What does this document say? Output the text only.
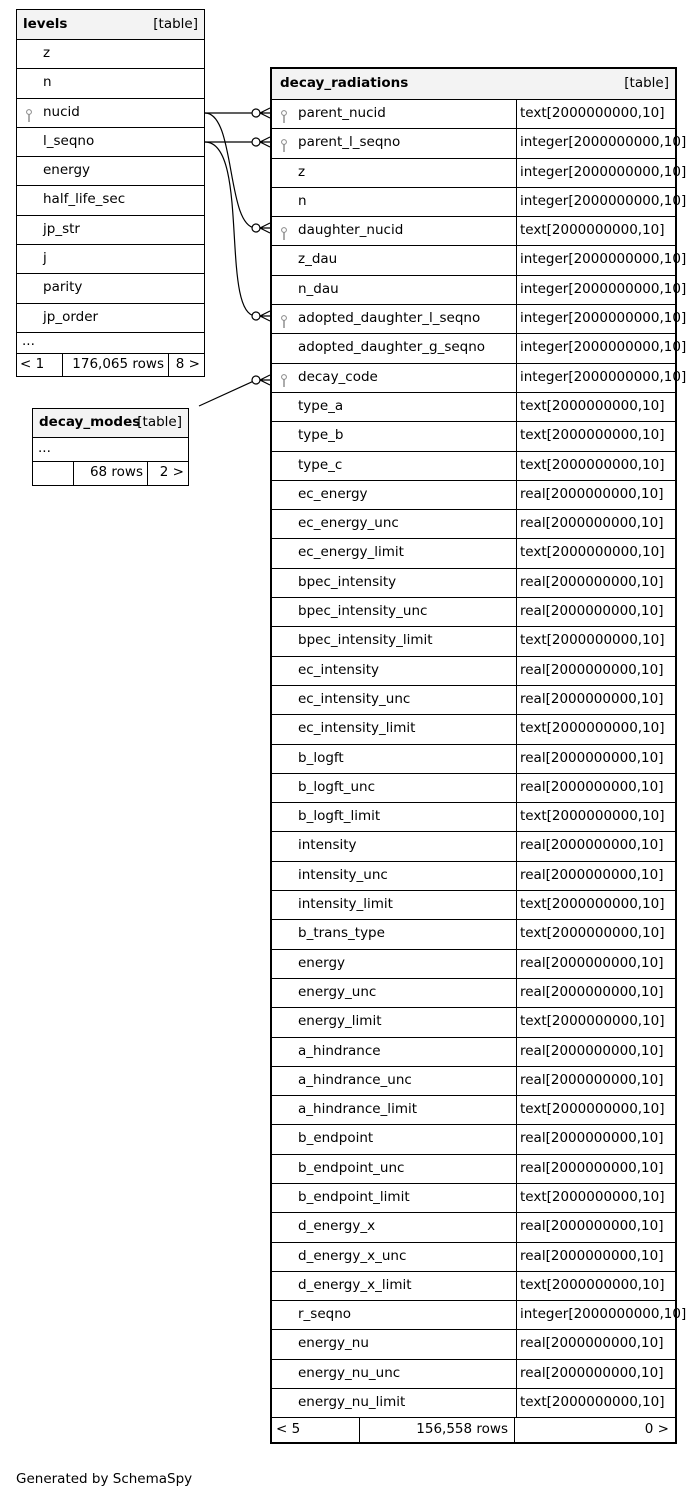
levels	[table]
z
n
nucid
l_seqno
energy
half_life_sec
jp_str
j
parity
jp_order
...
< 1 176,065 rows 8 >
decay_modes
[table]
...
68 rows 2 >
decay_radiations	[table]
parent_nucid	text[2000000000,10]
parent_l_seqno	integer[2000000000,10]
z	integer[2000000000,10]
n	integer[2000000000,10]
daughter_nucid	text[2000000000,10]
z_dau	integer[2000000000,10]
n_dau	integer[2000000000,10]
adopted_daughter_l_seqno	integer[2000000000,10]
adopted_daughter_g_seqno	integer[2000000000,10]
decay_code	integer[2000000000,10]
type_a	text[2000000000,10]
type_b	text[2000000000,10]
type_c	text[2000000000,10]
ec_energy	real[2000000000,10]
ec_energy_unc	real[2000000000,10]
ec_energy_limit	text[2000000000,10]
bpec_intensity	real[2000000000,10]
bpec_intensity_unc	real[2000000000,10]
bpec_intensity_limit	text[2000000000,10]
ec_intensity	real[2000000000,10]
ec_intensity_unc	real[2000000000,10]
ec_intensity_limit	text[2000000000,10]
b_logft	real[2000000000,10]
b_logft_unc	real[2000000000,10]
b_logft_limit	text[2000000000,10]
intensity	real[2000000000,10]
intensity_unc	real[2000000000,10]
intensity_limit	text[2000000000,10]
b_trans_type	text[2000000000,10]
energy	real[2000000000,10]
energy_unc	real[2000000000,10]
energy_limit	text[2000000000,10]
a_hindrance	real[2000000000,10]
a_hindrance_unc	real[2000000000,10]
a_hindrance_limit	text[2000000000,10]
b_endpoint	real[2000000000,10]
b_endpoint_unc	real[2000000000,10]
b_endpoint_limit	text[2000000000,10]
d_energy_x	real[2000000000,10]
d_energy_x_unc	real[2000000000,10]
d_energy_x_limit	text[2000000000,10]
r_seqno	integer[2000000000,10]
energy_nu	real[2000000000,10]
energy_nu_unc	real[2000000000,10]
energy_nu_limit	text[2000000000,10]
< 5	156,558 rows	0 >
Generated by SchemaSpy
